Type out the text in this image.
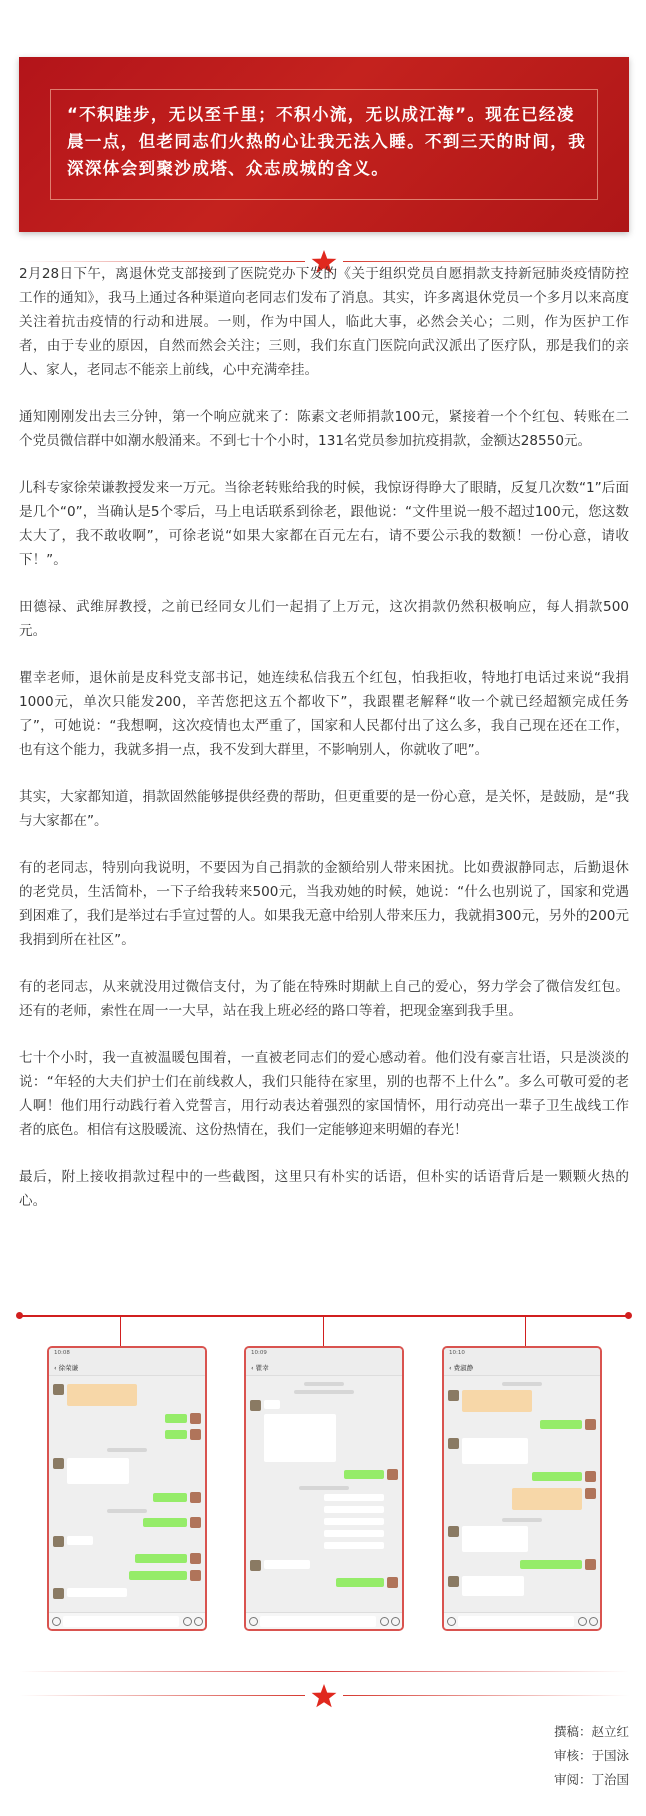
“不积跬步，无以至千里；不积小流，无以成江海”。现在已经凌晨一点，但老同志们火热的心让我无法入睡。不到三天的时间，我深深体会到聚沙成塔、众志成城的含义。

2月28日下午，离退休党支部接到了医院党办下发的《关于组织党员自愿捐款支持新冠肺炎疫情防控工作的通知》，我马上通过各种渠道向老同志们发布了消息。其实，许多离退休党员一个多月以来高度关注着抗击疫情的行动和进展。一则，作为中国人，临此大事，必然会关心；二则，作为医护工作者，由于专业的原因，自然而然会关注；三则，我们东直门医院向武汉派出了医疗队，那是我们的亲人、家人，老同志不能亲上前线，心中充满牵挂。

通知刚刚发出去三分钟，第一个响应就来了：陈素文老师捐款100元，紧接着一个个红包、转账在二个党员微信群中如潮水般涌来。不到七十个小时，131名党员参加抗疫捐款，金额达28550元。

儿科专家徐荣谦教授发来一万元。当徐老转账给我的时候，我惊讶得睁大了眼睛，反复几次数“1”后面是几个“0”，当确认是5个零后，马上电话联系到徐老，跟他说：“文件里说一般不超过100元，您这数太大了，我不敢收啊”，可徐老说“如果大家都在百元左右，请不要公示我的数额！一份心意，请收下！”。

田德禄、武维屏教授，之前已经同女儿们一起捐了上万元，这次捐款仍然积极响应，每人捐款500元。

瞿幸老师，退休前是皮科党支部书记，她连续私信我五个红包，怕我拒收，特地打电话过来说“我捐1000元，单次只能发200，辛苦您把这五个都收下”，我跟瞿老解释“收一个就已经超额完成任务了”，可她说：“我想啊，这次疫情也太严重了，国家和人民都付出了这么多，我自己现在还在工作，也有这个能力，我就多捐一点，我不发到大群里，不影响别人，你就收了吧”。

其实，大家都知道，捐款固然能够提供经费的帮助，但更重要的是一份心意，是关怀，是鼓励，是“我与大家都在”。

有的老同志，特别向我说明，不要因为自己捐款的金额给别人带来困扰。比如费淑静同志，后勤退休的老党员，生活简朴，一下子给我转来500元，当我劝她的时候，她说：“什么也别说了，国家和党遇到困难了，我们是举过右手宣过誓的人。如果我无意中给别人带来压力，我就捐300元，另外的200元我捐到所在社区”。

有的老同志，从来就没用过微信支付，为了能在特殊时期献上自己的爱心，努力学会了微信发红包。还有的老师，索性在周一一大早，站在我上班必经的路口等着，把现金塞到我手里。

七十个小时，我一直被温暖包围着，一直被老同志们的爱心感动着。他们没有豪言壮语，只是淡淡的说：“年轻的大夫们护士们在前线救人，我们只能待在家里，别的也帮不上什么”。多么可敬可爱的老人啊！他们用行动践行着入党誓言，用行动表达着强烈的家国情怀，用行动亮出一辈子卫生战线工作者的底色。相信有这股暖流、这份热情在，我们一定能够迎来明媚的春光！

最后，附上接收捐款过程中的一些截图，这里只有朴实的话语，但朴实的话语背后是一颗颗火热的心。

10:08
‹ 徐荣谦
10:09
‹ 瞿幸
10:10
‹ 费淑静
撰稿：赵立红
审核：于国泳
审阅：丁治国
